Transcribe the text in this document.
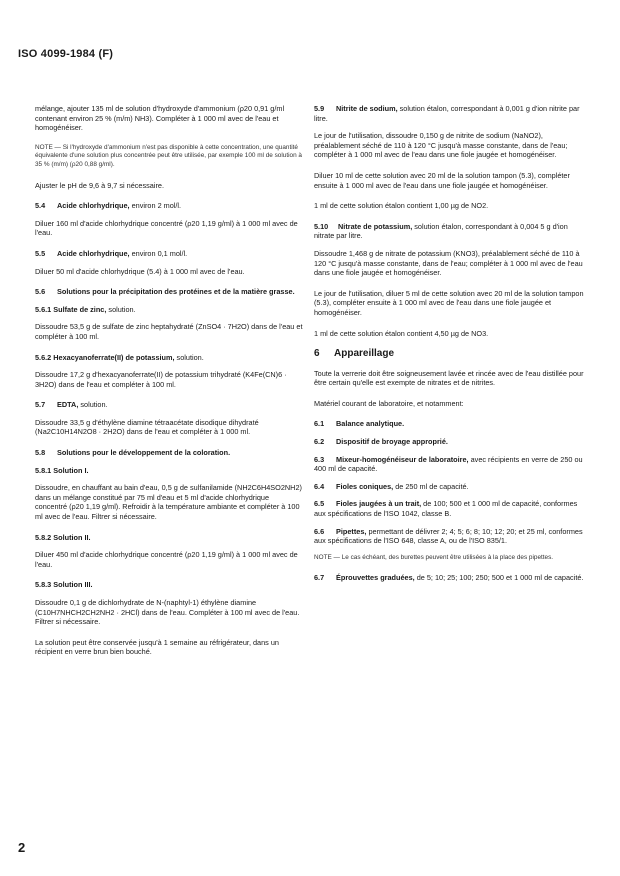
ISO 4099-1984 (F)

mélange, ajouter 135 ml de solution d'hydroxyde d'ammonium (ρ20 0,91 g/ml contenant environ 25 % (m/m) NH3). Compléter à 1 000 ml avec de l'eau et homogénéiser.

NOTE — Si l'hydroxyde d'ammonium n'est pas disponible à cette concentration, une quantité équivalente d'une solution plus concentrée peut être utilisée, par exemple 100 ml de solution à 35 % (m/m) (ρ20 0,88 g/ml).

Ajuster le pH de 9,6 à 9,7 si nécessaire.

5.4 Acide chlorhydrique, environ 2 mol/l.

Diluer 160 ml d'acide chlorhydrique concentré (ρ20 1,19 g/ml) à 1 000 ml avec de l'eau.

5.5 Acide chlorhydrique, environ 0,1 mol/l.

Diluer 50 ml d'acide chlorhydrique (5.4) à 1 000 ml avec de l'eau.

5.6 Solutions pour la précipitation des protéines et de la matière grasse.
5.6.1 Sulfate de zinc, solution.

Dissoudre 53,5 g de sulfate de zinc heptahydraté (ZnSO4 · 7H2O) dans de l'eau et compléter à 100 ml.

5.6.2 Hexacyanoferrate(II) de potassium, solution.

Dissoudre 17,2 g d'hexacyanoferrate(II) de potassium trihydraté (K4Fe(CN)6 · 3H2O) dans de l'eau et compléter à 100 ml.

5.7 EDTA, solution.

Dissoudre 33,5 g d'éthylène diamine tétraacétate disodique dihydraté (Na2C10H14N2O8 · 2H2O) dans de l'eau et compléter à 1 000 ml.

5.8 Solutions pour le développement de la coloration.
5.8.1 Solution I.

Dissoudre, en chauffant au bain d'eau, 0,5 g de sulfanilamide (NH2C6H4SO2NH2) dans un mélange constitué par 75 ml d'eau et 5 ml d'acide chlorhydrique concentré (ρ20 1,19 g/ml). Refroidir à la température ambiante et compléter à 100 ml avec de l'eau. Filtrer si nécessaire.

5.8.2 Solution II.

Diluer 450 ml d'acide chlorhydrique concentré (ρ20 1,19 g/ml) à 1 000 ml avec de l'eau.

5.8.3 Solution III.

Dissoudre 0,1 g de dichlorhydrate de N-(naphtyl-1) éthylène diamine (C10H7NHCH2CH2NH2 · 2HCl) dans de l'eau. Compléter à 100 ml avec de l'eau. Filtrer si nécessaire.

La solution peut être conservée jusqu'à 1 semaine au réfrigérateur, dans un récipient en verre brun bien bouché.

5.9 Nitrite de sodium, solution étalon, correspondant à 0,001 g d'ion nitrite par litre.

Le jour de l'utilisation, dissoudre 0,150 g de nitrite de sodium (NaNO2), préalablement séché de 110 à 120 °C jusqu'à masse constante, dans de l'eau; compléter à 1 000 ml avec de l'eau dans une fiole jaugée et homogénéiser.

Diluer 10 ml de cette solution avec 20 ml de la solution tampon (5.3), compléter ensuite à 1 000 ml avec de l'eau dans une fiole jaugée et homogénéiser.

1 ml de cette solution étalon contient 1,00 µg de NO2.

5.10 Nitrate de potassium, solution étalon, correspondant à 0,004 5 g d'ion nitrate par litre.

Dissoudre 1,468 g de nitrate de potassium (KNO3), préalablement séché de 110 à 120 °C jusqu'à masse constante, dans de l'eau; compléter à 1 000 ml avec de l'eau dans une fiole jaugée et homogénéiser.

Le jour de l'utilisation, diluer 5 ml de cette solution avec 20 ml de la solution tampon (5.3), compléter ensuite à 1 000 ml avec de l'eau dans une fiole jaugée et homogénéiser.

1 ml de cette solution étalon contient 4,50 µg de NO3.

6 Appareillage

Toute la verrerie doit être soigneusement lavée et rincée avec de l'eau distillée pour être certain qu'elle est exempte de nitrates et de nitrites.

Matériel courant de laboratoire, et notamment:

6.1 Balance analytique.
6.2 Dispositif de broyage approprié.
6.3 Mixeur-homogénéiseur de laboratoire, avec récipients en verre de 250 ou 400 ml de capacité.
6.4 Fioles coniques, de 250 ml de capacité.
6.5 Fioles jaugées à un trait, de 100; 500 et 1 000 ml de capacité, conformes aux spécifications de l'ISO 1042, classe B.
6.6 Pipettes, permettant de délivrer 2; 4; 5; 6; 8; 10; 12; 20; et 25 ml, conformes aux spécifications de l'ISO 648, classe A, ou de l'ISO 835/1.

NOTE — Le cas échéant, des burettes peuvent être utilisées à la place des pipettes.

6.7 Éprouvettes graduées, de 5; 10; 25; 100; 250; 500 et 1 000 ml de capacité.
2
